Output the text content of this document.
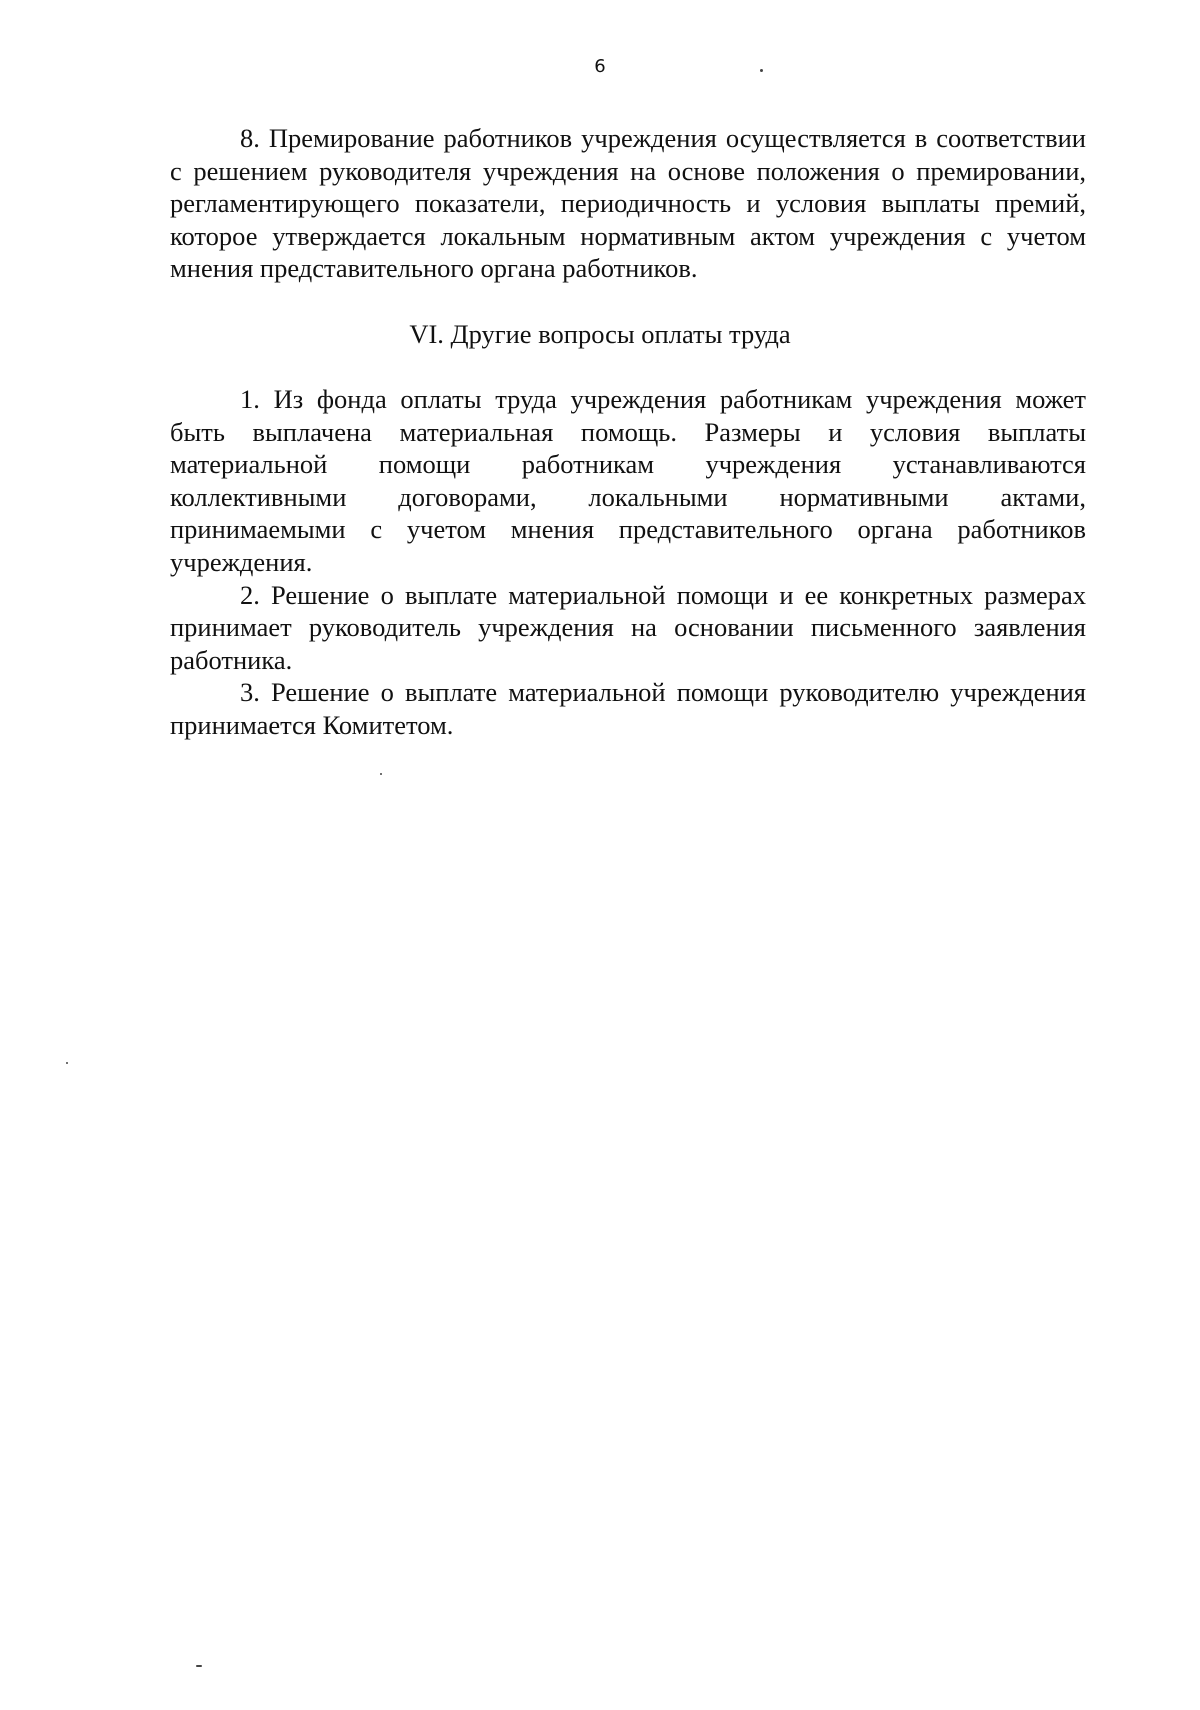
6

8. Премирование работников учреждения осуществляется в соответствии с решением руководителя учреждения на основе положения о премировании, регламентирующего показатели, периодичность и условия выплаты премий, которое утверждается локальным нормативным актом учреждения с учетом мнения представительного органа работников.

VI. Другие вопросы оплаты труда

1. Из фонда оплаты труда учреждения работникам учреждения может быть выплачена материальная помощь. Размеры и условия выплаты материальной помощи работникам учреждения устанавливаются коллективными договорами, локальными нормативными актами, принимаемыми с учетом мнения представительного органа работников учреждения.

2. Решение о выплате материальной помощи и ее конкретных размерах принимает руководитель учреждения на основании письменного заявления работника.

3. Решение о выплате материальной помощи руководителю учреждения принимается Комитетом.
